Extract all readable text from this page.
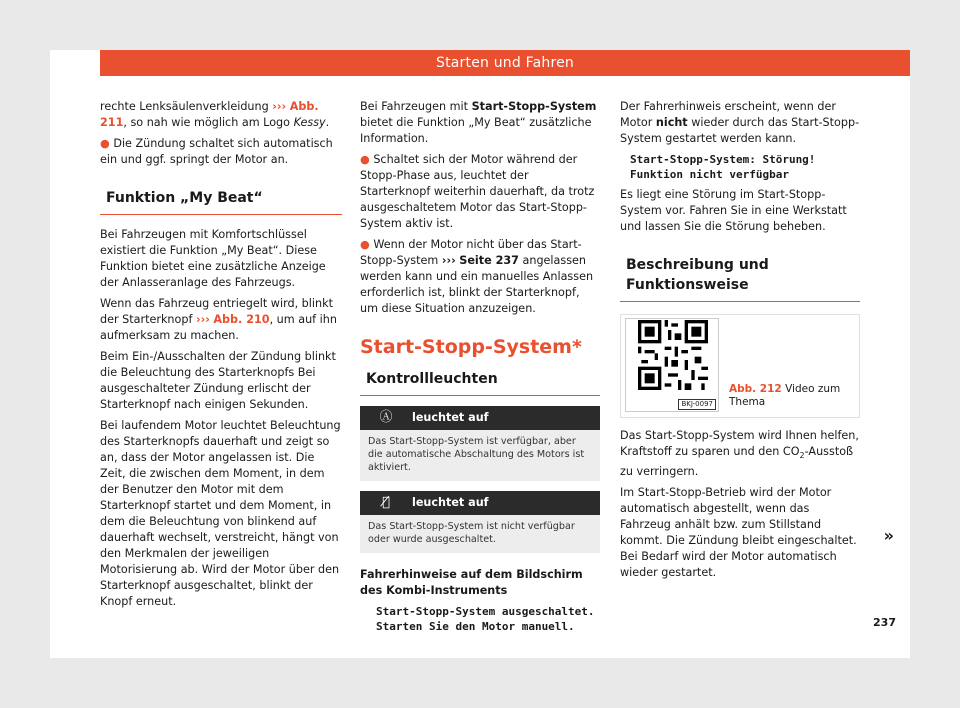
Starten und Fahren

rechte Lenksäulenverkleidung ››› Abb. 211, so nah wie möglich am Logo Kessy.

● Die Zündung schaltet sich automatisch ein und ggf. springt der Motor an.

Funktion „My Beat“

Bei Fahrzeugen mit Komfortschlüssel existiert die Funktion „My Beat“. Diese Funktion bietet eine zusätzliche Anzeige der Anlasseranlage des Fahrzeugs.

Wenn das Fahrzeug entriegelt wird, blinkt der Starterknopf ››› Abb. 210, um auf ihn aufmerksam zu machen.

Beim Ein-/Ausschalten der Zündung blinkt die Beleuchtung des Starterknopfs Bei ausgeschalteter Zündung erlischt der Starterknopf nach einigen Sekunden.

Bei laufendem Motor leuchtet Beleuchtung des Starterknopfs dauerhaft und zeigt so an, dass der Motor angelassen ist. Die Zeit, die zwischen dem Moment, in dem der Benutzer den Motor mit dem Starterknopf startet und dem Moment, in dem die Beleuchtung von blinkend auf dauerhaft wechselt, verstreicht, hängt von den Merkmalen der jeweiligen Motorisierung ab. Wird der Motor über den Starterknopf ausgeschaltet, blinkt der Knopf erneut.

Bei Fahrzeugen mit Start-Stopp-System bietet die Funktion „My Beat“ zusätzliche Information.

● Schaltet sich der Motor während der Stopp-Phase aus, leuchtet der Starterknopf weiterhin dauerhaft, da trotz ausgeschaltetem Motor das Start-Stopp-System aktiv ist.

● Wenn der Motor nicht über das Start-Stopp-System ››› Seite 237 angelassen werden kann und ein manuelles Anlassen erforderlich ist, blinkt der Starterknopf, um diese Situation anzuzeigen.

Start-Stopp-System*
Kontrollleuchten
Ⓐ	leuchtet auf
Das Start-Stopp-System ist verfügbar, aber die automatische Abschaltung des Motors ist aktiviert.
Ⓐ̸	leuchtet auf
Das Start-Stopp-System ist nicht verfügbar oder wurde ausgeschaltet.

Fahrerhinweise auf dem Bildschirm des Kombi-Instruments

Start-Stopp-System ausgeschaltet. Starten Sie den Motor manuell.

Der Fahrerhinweis erscheint, wenn der Motor nicht wieder durch das Start-Stopp-System gestartet werden kann.

Start-Stopp-System: Störung! Funktion nicht verfügbar

Es liegt eine Störung im Start-Stopp-System vor. Fahren Sie in eine Werkstatt und lassen Sie die Störung beheben.

Beschreibung und Funktionsweise
BKJ-0097
Abb. 212 Video zum Thema

Das Start-Stopp-System wird Ihnen helfen, Kraftstoff zu sparen und den $CO_2$-Ausstoß zu verringern.

Im Start-Stopp-Betrieb wird der Motor automatisch abgestellt, wenn das Fahrzeug anhält bzw. zum Stillstand kommt. Die Zündung bleibt eingeschaltet. Bei Bedarf wird der Motor automatisch wieder gestartet.

»
237
